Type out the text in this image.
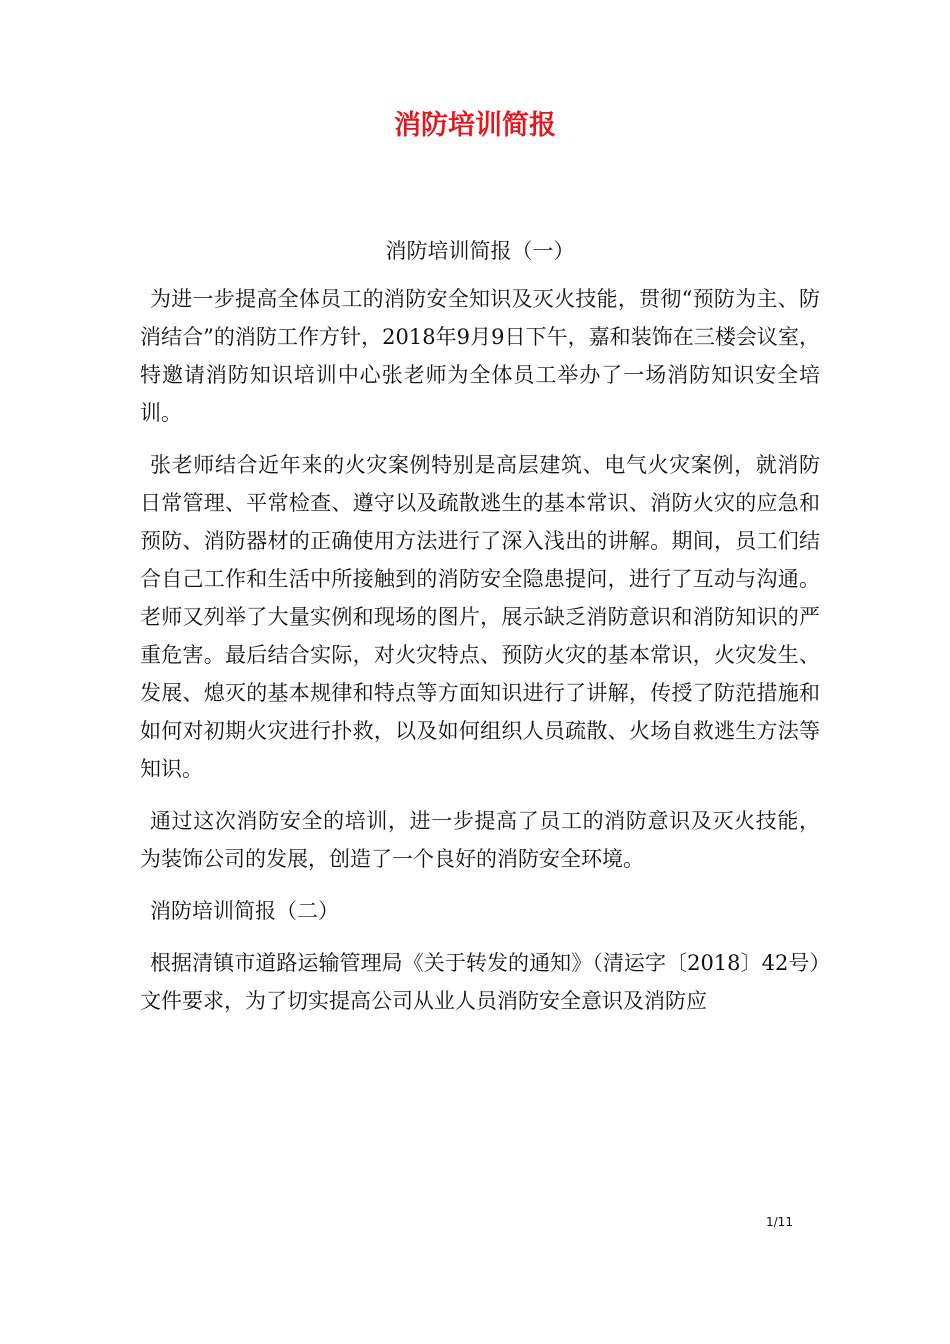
消防培训简报

消防培训简报（一）

为进一步提高全体员工的消防安全知识及灭火技能，贯彻“预防为主、防消结合”的消防工作方针，2018年9月9日下午，嘉和装饰在三楼会议室，特邀请消防知识培训中心张老师为全体员工举办了一场消防知识安全培训。

张老师结合近年来的火灾案例特别是高层建筑、电气火灾案例，就消防日常管理、平常检查、遵守以及疏散逃生的基本常识、消防火灾的应急和预防、消防器材的正确使用方法进行了深入浅出的讲解。期间，员工们结合自己工作和生活中所接触到的消防安全隐患提问，进行了互动与沟通。老师又列举了大量实例和现场的图片，展示缺乏消防意识和消防知识的严重危害。最后结合实际，对火灾特点、预防火灾的基本常识，火灾发生、发展、熄灭的基本规律和特点等方面知识进行了讲解，传授了防范措施和如何对初期火灾进行扑救，以及如何组织人员疏散、火场自救逃生方法等知识。

通过这次消防安全的培训，进一步提高了员工的消防意识及灭火技能，为装饰公司的发展，创造了一个良好的消防安全环境。

消防培训简报（二）

根据清镇市道路运输管理局《关于转发的通知》（清运字〔2018〕42号）文件要求，为了切实提高公司从业人员消防安全意识及消防应

1/11
